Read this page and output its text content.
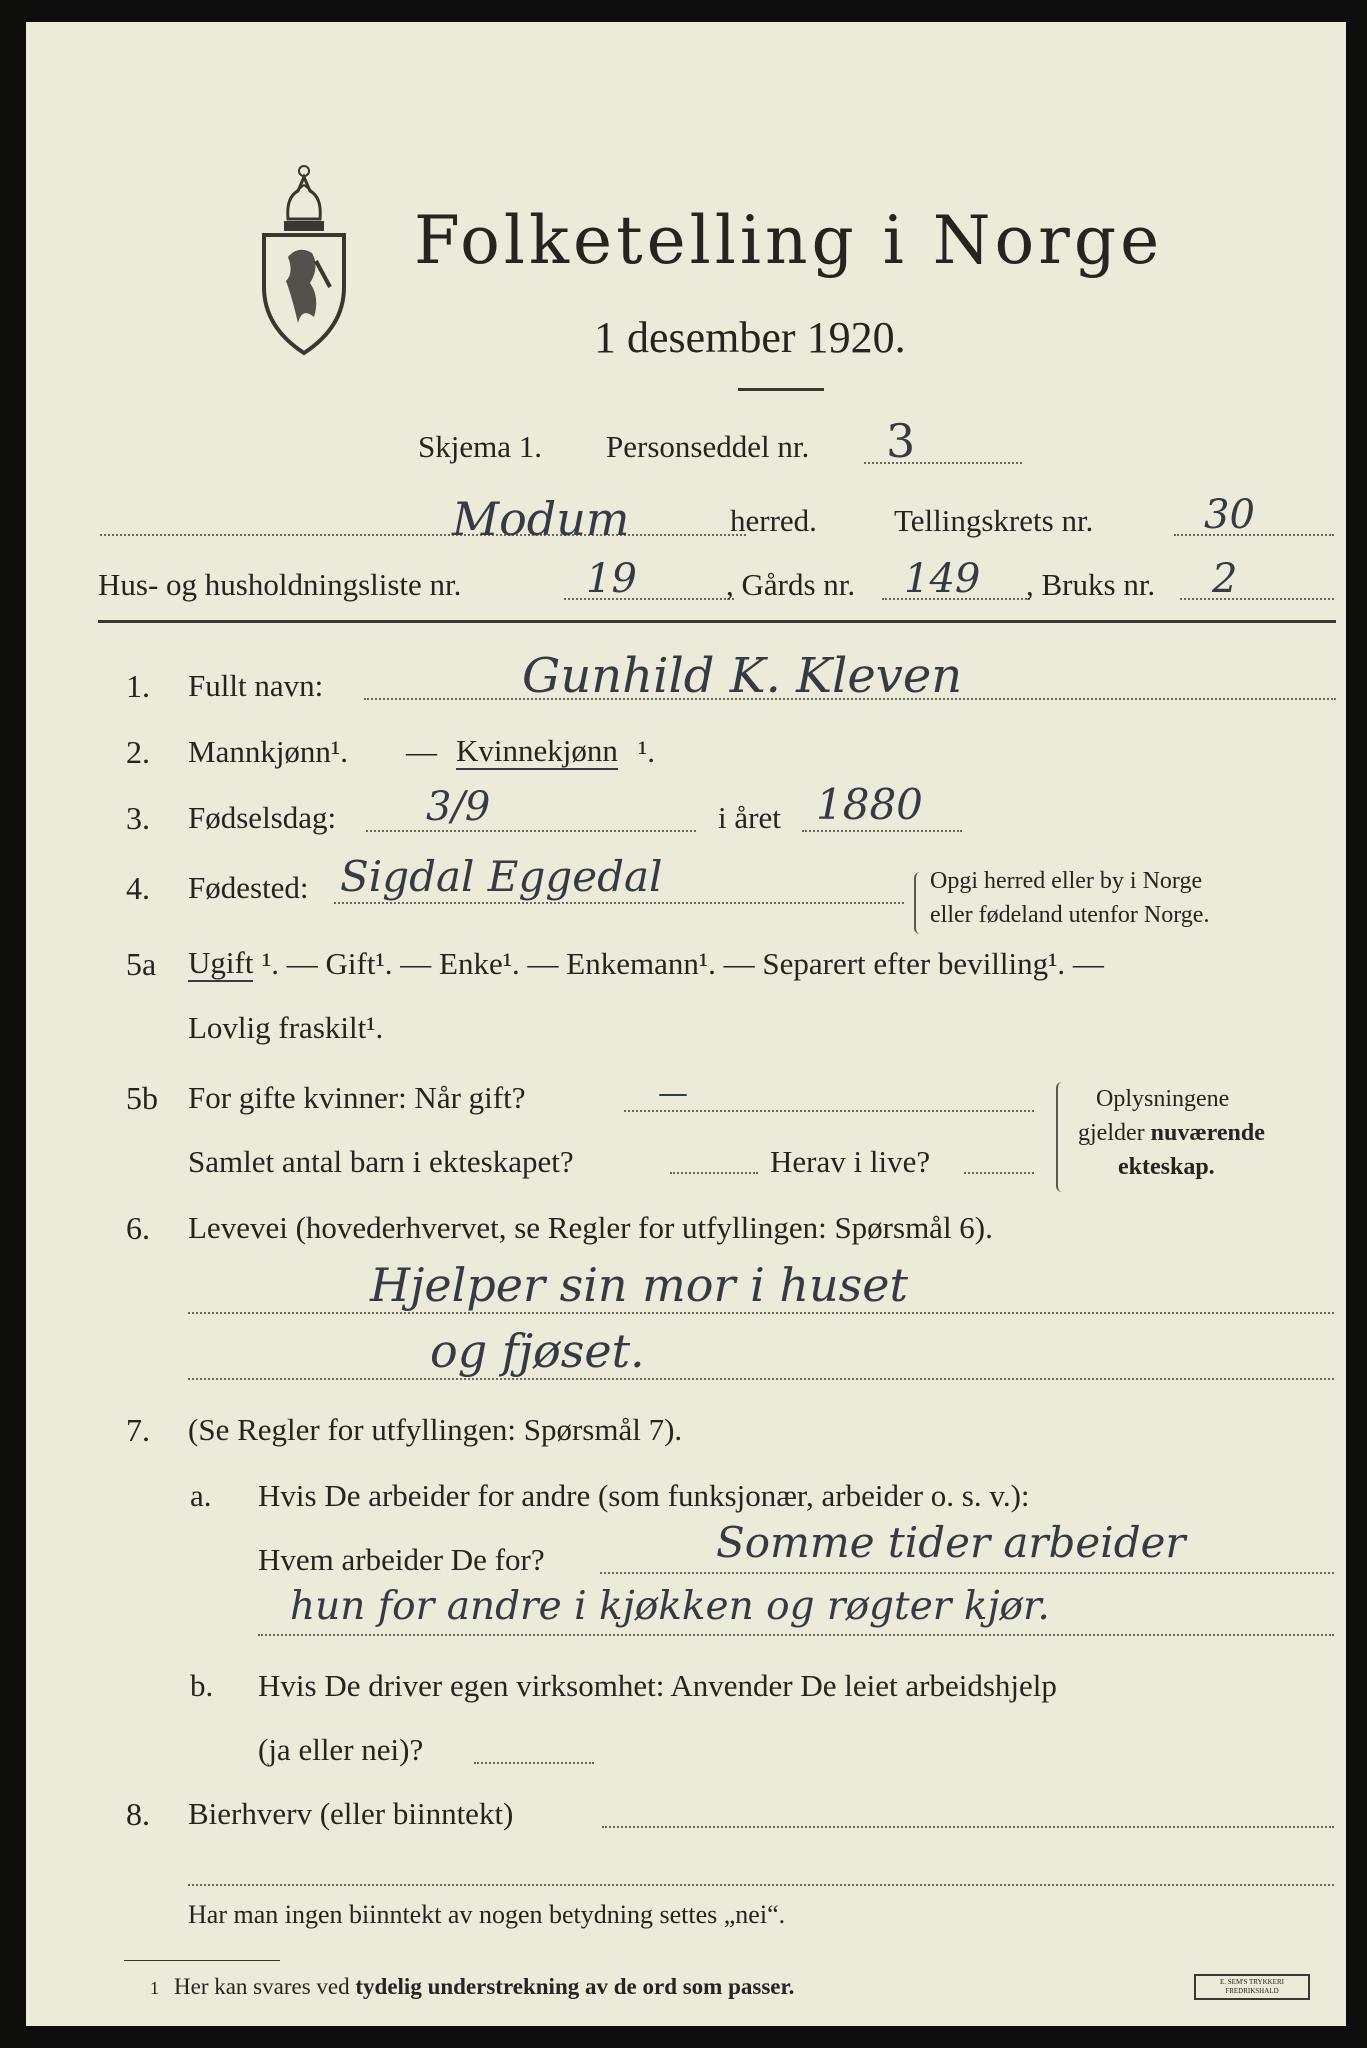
Folketelling i Norge
1 desember 1920.
Skjema 1. Personseddel nr. 3
Modum	herred. Tellingskrets nr.	30
Hus- og husholdningsliste nr.	19	, Gårds nr. 149 , Bruks nr. 2
1. Fullt navn:	Gunhild K. Kleven
2. Mannkjønn¹. — Kvinnekjønn ¹.
3. Fødselsdag: 3/9	i året 1880
4. Fødested: Sigdal Eggedal	Opgi herred eller by i Norge
eller fødeland utenfor Norge.
5a Ugift ¹. — Gift¹. — Enke¹. — Enkemann¹. — Separert efter bevilling¹. —
Lovlig fraskilt¹.
5b For gifte kvinner: Når gift?	—
Samlet antal barn i ekteskapet?	Herav i live?
Oplysningene
gjelder nuværende
ekteskap.
6. Levevei (hovederhvervet, se Regler for utfyllingen: Spørsmål 6).
Hjelper sin mor i huset
og fjøset.
7. (Se Regler for utfyllingen: Spørsmål 7).
a. Hvis De arbeider for andre (som funksjonær, arbeider o. s. v.):
Hvem arbeider De for?	Somme tider arbeider
hun for andre i kjøkken og røgter kjør.
b. Hvis De driver egen virksomhet: Anvender De leiet arbeidshjelp
(ja eller nei)?
8. Bierhverv (eller biinntekt)
Har man ingen biinntekt av nogen betydning settes „nei“.
1 Her kan svares ved tydelig understrekning av de ord som passer.	E. SEM'S TRYKKERI FREDRIKSHALD
